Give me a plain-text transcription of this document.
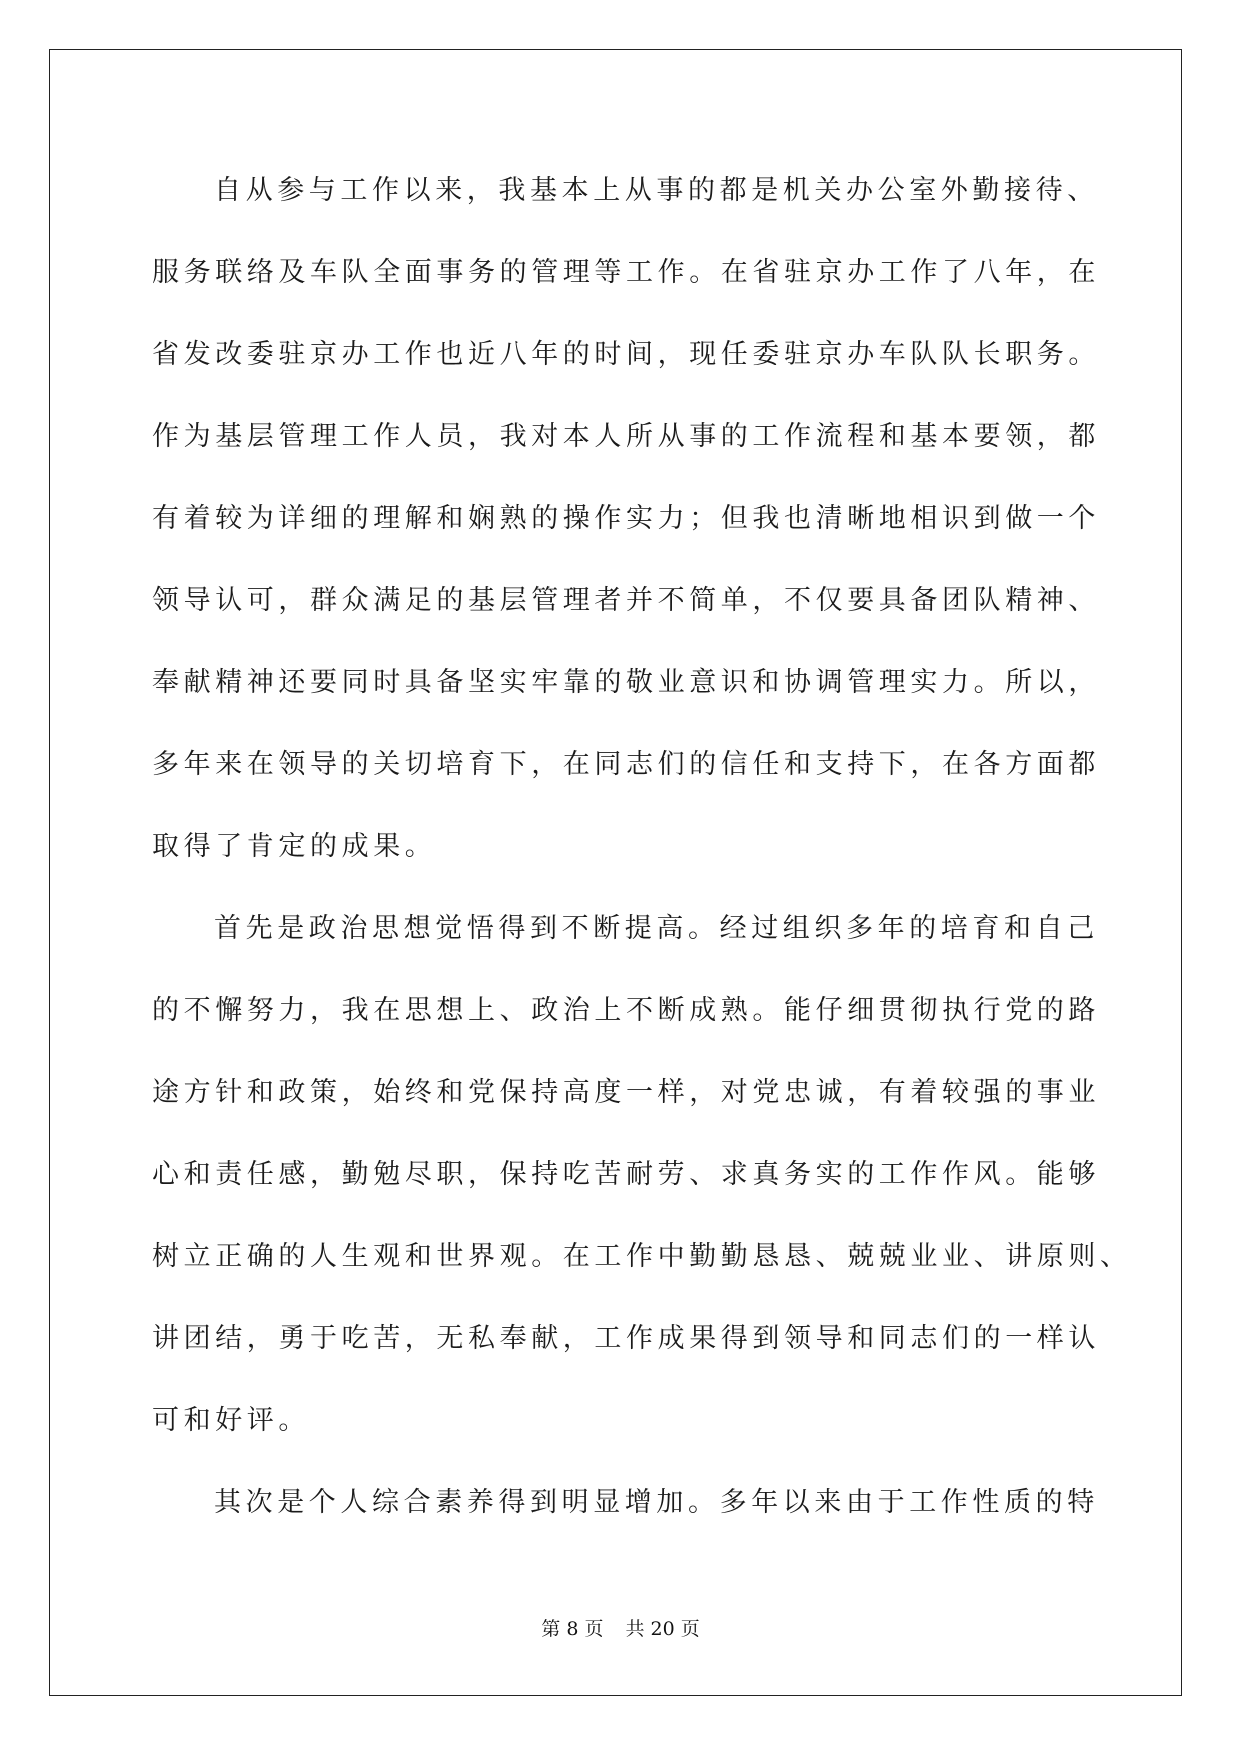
自从参与工作以来，我基本上从事的都是机关办公室外勤接待、
服务联络及车队全面事务的管理等工作。在省驻京办工作了八年，在
省发改委驻京办工作也近八年的时间，现任委驻京办车队队长职务。
作为基层管理工作人员，我对本人所从事的工作流程和基本要领，都
有着较为详细的理解和娴熟的操作实力；但我也清晰地相识到做一个
领导认可，群众满足的基层管理者并不简单，不仅要具备团队精神、
奉献精神还要同时具备坚实牢靠的敬业意识和协调管理实力。所以，
多年来在领导的关切培育下，在同志们的信任和支持下，在各方面都
取得了肯定的成果。
首先是政治思想觉悟得到不断提高。经过组织多年的培育和自己
的不懈努力，我在思想上、政治上不断成熟。能仔细贯彻执行党的路
途方针和政策，始终和党保持高度一样，对党忠诚，有着较强的事业
心和责任感，勤勉尽职，保持吃苦耐劳、求真务实的工作作风。能够
树立正确的人生观和世界观。在工作中勤勤恳恳、兢兢业业、讲原则、
讲团结，勇于吃苦，无私奉献，工作成果得到领导和同志们的一样认
可和好评。
其次是个人综合素养得到明显增加。多年以来由于工作性质的特
第 8 页 共 20 页
